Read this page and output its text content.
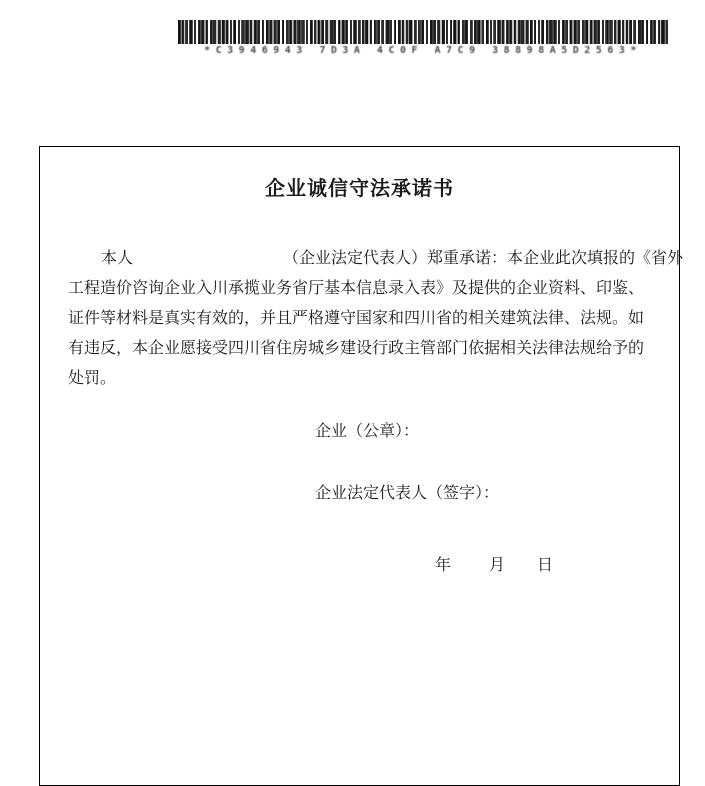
*C3946943 7D3A 4C0F A7C9 38898A5D2563*
企业诚信守法承诺书
本人	（企业法定代表人）郑重承诺：本企业此次填报的《省外
工程造价咨询企业入川承揽业务省厅基本信息录入表》及提供的企业资料、印鉴、
证件等材料是真实有效的，并且严格遵守国家和四川省的相关建筑法律、法规。如
有违反，本企业愿接受四川省住房城乡建设行政主管部门依据相关法律法规给予的
处罚。
企业（公章）：
企业法定代表人（签字）：
年 月 日
